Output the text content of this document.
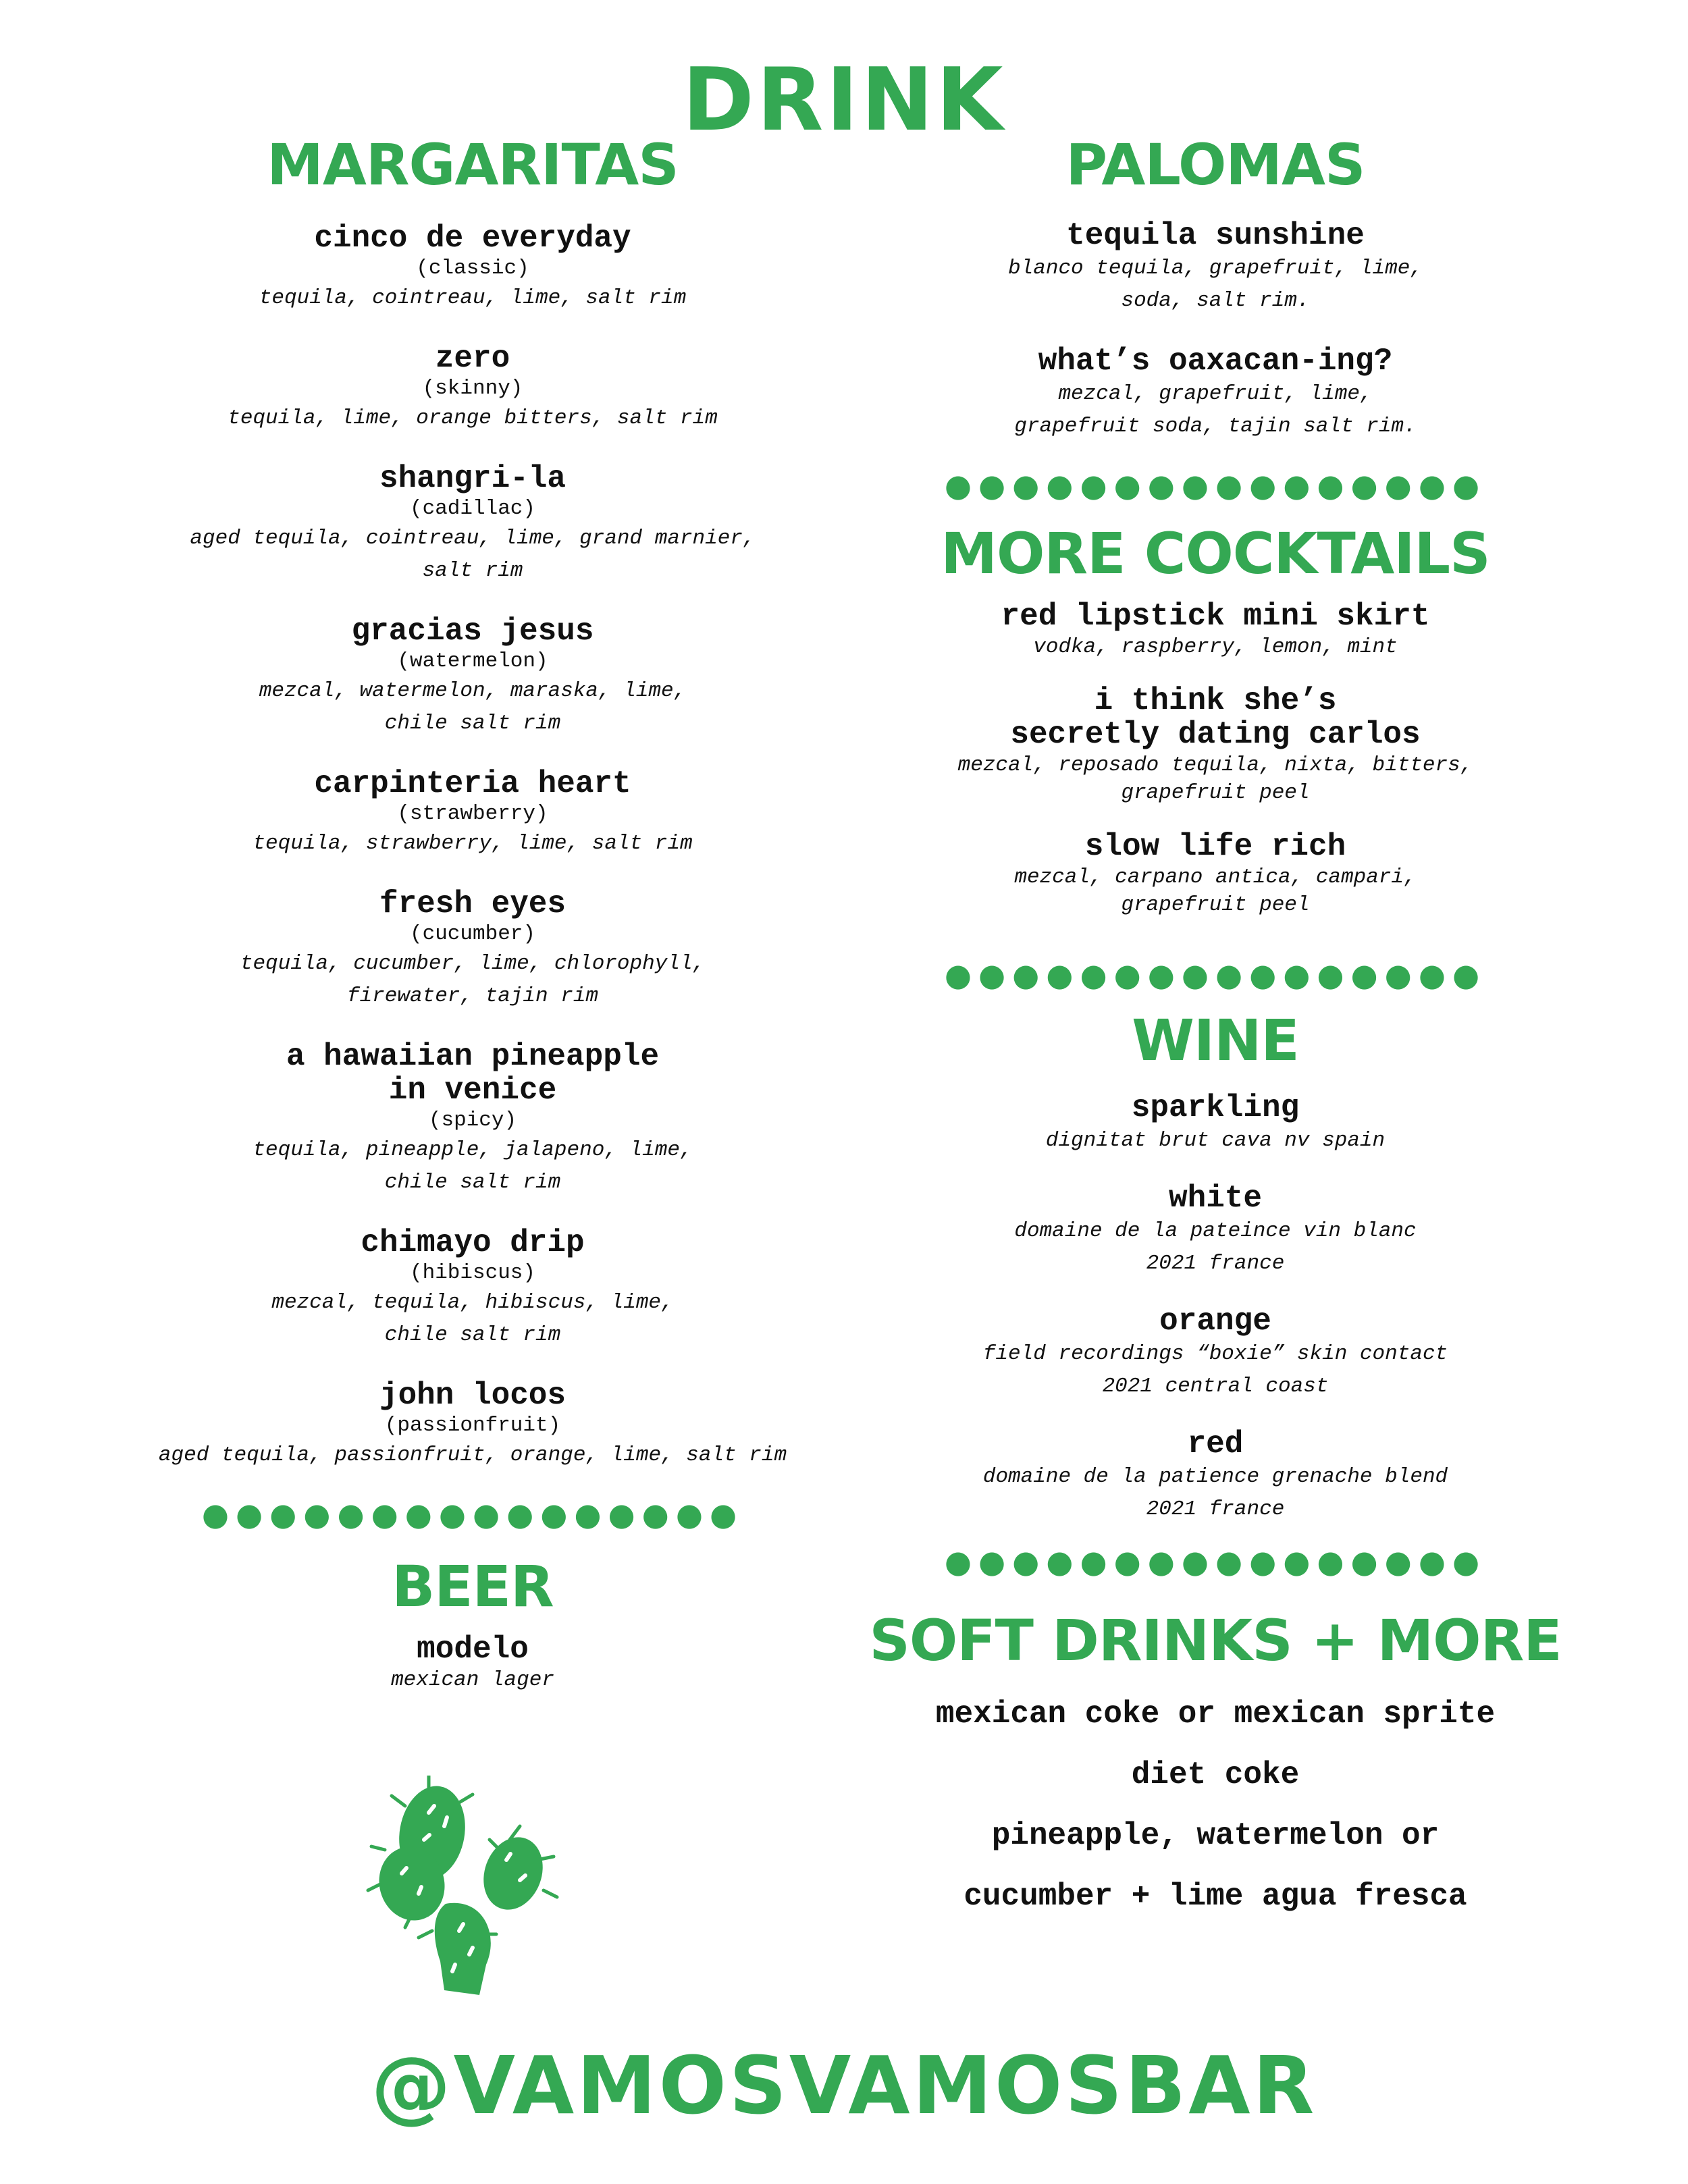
DRINK
MARGARITAS
cinco de everyday
(classic)
tequila, cointreau, lime, salt rim
zero
(skinny)
tequila, lime, orange bitters, salt rim
shangri-la
(cadillac)
aged tequila, cointreau, lime, grand marnier,
salt rim
gracias jesus
(watermelon)
mezcal, watermelon, maraska, lime,
chile salt rim
carpinteria heart
(strawberry)
tequila, strawberry, lime, salt rim
fresh eyes
(cucumber)
tequila, cucumber, lime, chlorophyll,
firewater, tajin rim
a hawaiian pineapple
in venice
(spicy)
tequila, pineapple, jalapeno, lime,
chile salt rim
chimayo drip
(hibiscus)
mezcal, tequila, hibiscus, lime,
chile salt rim
john locos
(passionfruit)
aged tequila, passionfruit, orange, lime, salt rim
●●●●●●●●●●●●●●●●
BEER
modelo
mexican lager
PALOMAS
tequila sunshine
blanco tequila, grapefruit, lime,
soda, salt rim.
what’s oaxacan-ing?
mezcal, grapefruit, lime,
grapefruit soda, tajin salt rim.
●●●●●●●●●●●●●●●●
MORE COCKTAILS
red lipstick mini skirt
vodka, raspberry, lemon, mint
i think she’s
secretly dating carlos
mezcal, reposado tequila, nixta, bitters,
grapefruit peel
slow life rich
mezcal, carpano antica, campari,
grapefruit peel
●●●●●●●●●●●●●●●●
WINE
sparkling
dignitat brut cava nv spain
white
domaine de la pateince vin blanc
2021 france
orange
field recordings “boxie” skin contact
2021 central coast
red
domaine de la patience grenache blend
2021 france
●●●●●●●●●●●●●●●●
SOFT DRINKS + MORE
mexican coke or mexican sprite
diet coke
pineapple, watermelon or
cucumber + lime agua fresca
@VAMOSVAMOSBAR
